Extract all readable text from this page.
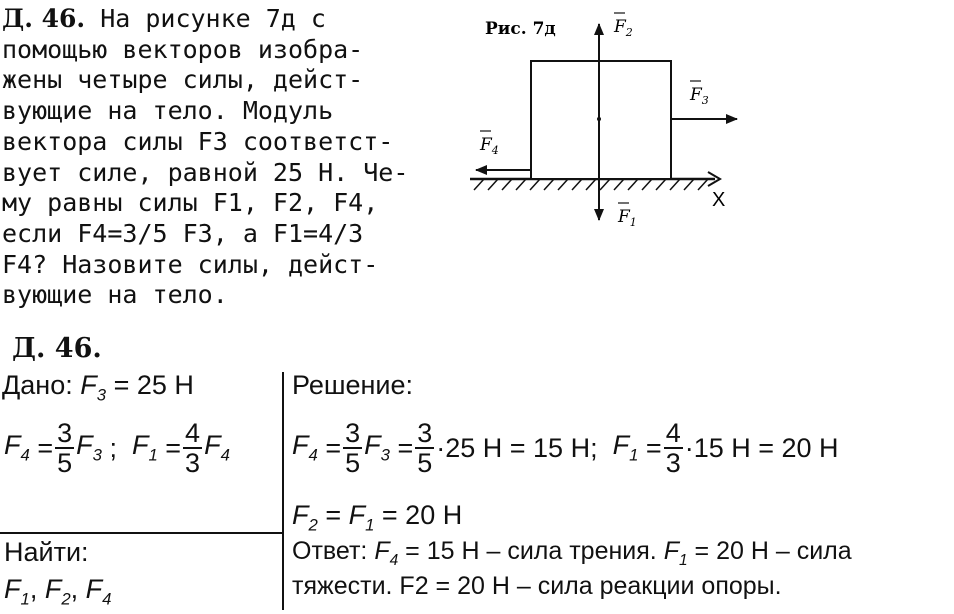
Д. 46. На рисунке 7д с
помощью векторов изобра-
жены четыре силы, дейст-
вующие на тело. Модуль
вектора силы F3 соответст-
вует силе, равной 25 Н. Че-
му равны силы F1, F2, F4,
если F4=3/5 F3, а F1=4/3
F4? Назовите силы, дейст-
вующие на тело.
Рис. 7д
X
$F_2$
$F_3$
$F_4$
$F_1$
Д. 46.
Дано: $F_3 = 25$ Н
$F_4 = \frac{3}{5} F_3$ ; $F_1 = \frac{4}{3} F_4$
Найти:
$F_1$, $F_2$, $F_4$
Решение:
$F_4 = \frac{3}{5} F_3 = \frac{3}{5} \cdot 25$ Н = 15 Н; $F_1 = \frac{4}{3} \cdot 15$ Н = 20 Н
$F_2 = F_1 = 20$ Н
Ответ: $F_4 = 15$ Н – сила трения. $F_1 = 20$ Н – сила
тяжести. F2 = 20 Н – сила реакции опоры.
